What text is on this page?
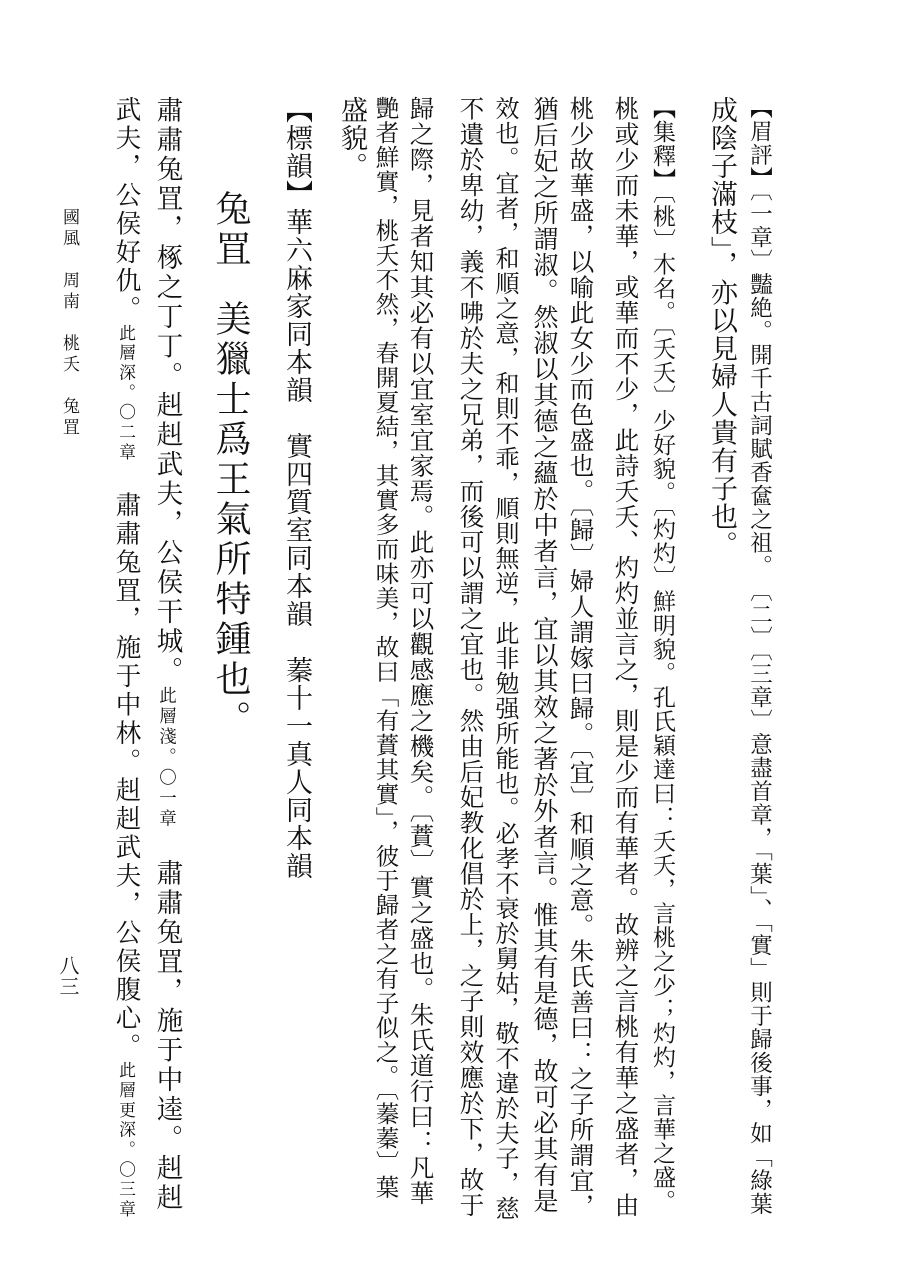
國風　周南　桃夭　兔罝
八三
武夫，公侯好仇。此層深。〇二章　肅肅兔罝，施于中林。赳赳武夫，公侯腹心。此層更深。〇三章
肅肅兔罝，椓之丁丁。赳赳武夫，公侯干城。此層淺。〇一章　肅肅兔罝，施于中逵。赳赳
兔罝美獵士爲王氣所特鍾也。 【標韻】華六麻家同本韻　實四質室同本韻　蓁十一真人同本韻 盛貌。 艷者鮮實，桃夭不然，春開夏結，其實多而味美，故曰「有蕡其實」，彼于歸者之有子似之。〔蓁蓁〕葉 歸之際，見者知其必有以宜室宜家焉。此亦可以觀感應之機矣。〔蕡〕實之盛也。朱氏道行曰：凡華 不遺於卑幼，義不咈於夫之兄弟，而後可以謂之宜也。然由后妃教化倡於上，之子則效應於下，故于 效也。宜者，和順之意，和則不乖，順則無逆，此非勉强所能也。必孝不衰於舅姑，敬不違於夫子，慈 猶后妃之所謂淑。然淑以其德之蘊於中者言，宜以其效之著於外者言。惟其有是德，故可必其有是 桃少故華盛，以喻此女少而色盛也。〔歸〕婦人謂嫁曰歸。〔宜〕和順之意。朱氏善曰：之子所謂宜， 桃或少而未華，或華而不少，此詩夭夭、灼灼並言之，則是少而有華者。故辨之言桃有華之盛者，由 【集釋】〔桃〕木名。〔夭夭〕少好貌。〔灼灼〕鮮明貌。孔氏穎達曰：夭夭，言桃之少；灼灼，言華之盛。 成陰子滿枝」，亦以見婦人貴有子也。 【眉評】〔一章〕豔絶。開千古詞賦香奩之祖。　〔二〕〔三章〕意盡首章，「葉」、「實」則于歸後事，如「綠葉
